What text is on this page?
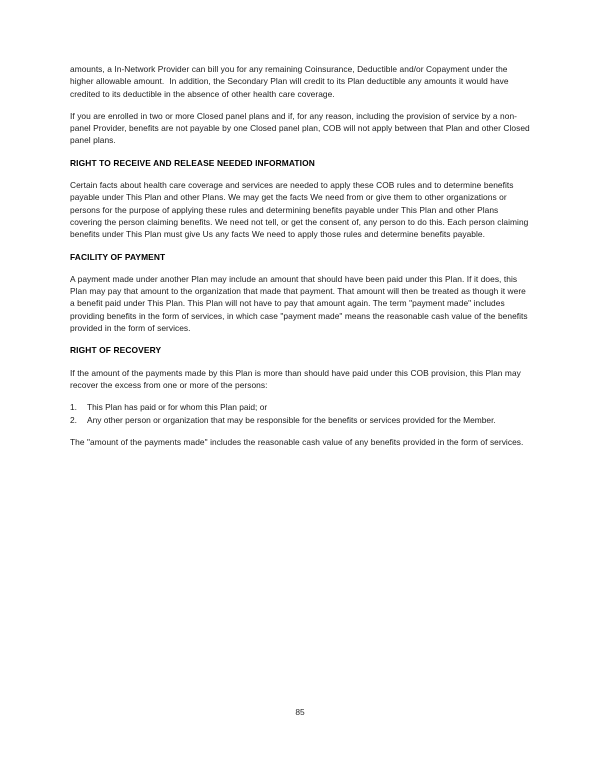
amounts, a In-Network Provider can bill you for any remaining Coinsurance, Deductible and/or Copayment under the higher allowable amount.  In addition, the Secondary Plan will credit to its Plan deductible any amounts it would have credited to its deductible in the absence of other health care coverage.

If you are enrolled in two or more Closed panel plans and if, for any reason, including the provision of service by a non-panel Provider, benefits are not payable by one Closed panel plan, COB will not apply between that Plan and other Closed panel plans.

RIGHT TO RECEIVE AND RELEASE NEEDED INFORMATION

Certain facts about health care coverage and services are needed to apply these COB rules and to determine benefits payable under This Plan and other Plans. We may get the facts We need from or give them to other organizations or persons for the purpose of applying these rules and determining benefits payable under This Plan and other Plans covering the person claiming benefits. We need not tell, or get the consent of, any person to do this. Each person claiming benefits under This Plan must give Us any facts We need to apply those rules and determine benefits payable.

FACILITY OF PAYMENT

A payment made under another Plan may include an amount that should have been paid under this Plan. If it does, this Plan may pay that amount to the organization that made that payment. That amount will then be treated as though it were a benefit paid under This Plan. This Plan will not have to pay that amount again. The term "payment made" includes providing benefits in the form of services, in which case "payment made" means the reasonable cash value of the benefits provided in the form of services.

RIGHT OF RECOVERY

If the amount of the payments made by this Plan is more than should have paid under this COB provision, this Plan may recover the excess from one or more of the persons:

1.	This Plan has paid or for whom this Plan paid; or
2.	Any other person or organization that may be responsible for the benefits or services provided for the Member.

The "amount of the payments made" includes the reasonable cash value of any benefits provided in the form of services.

85
